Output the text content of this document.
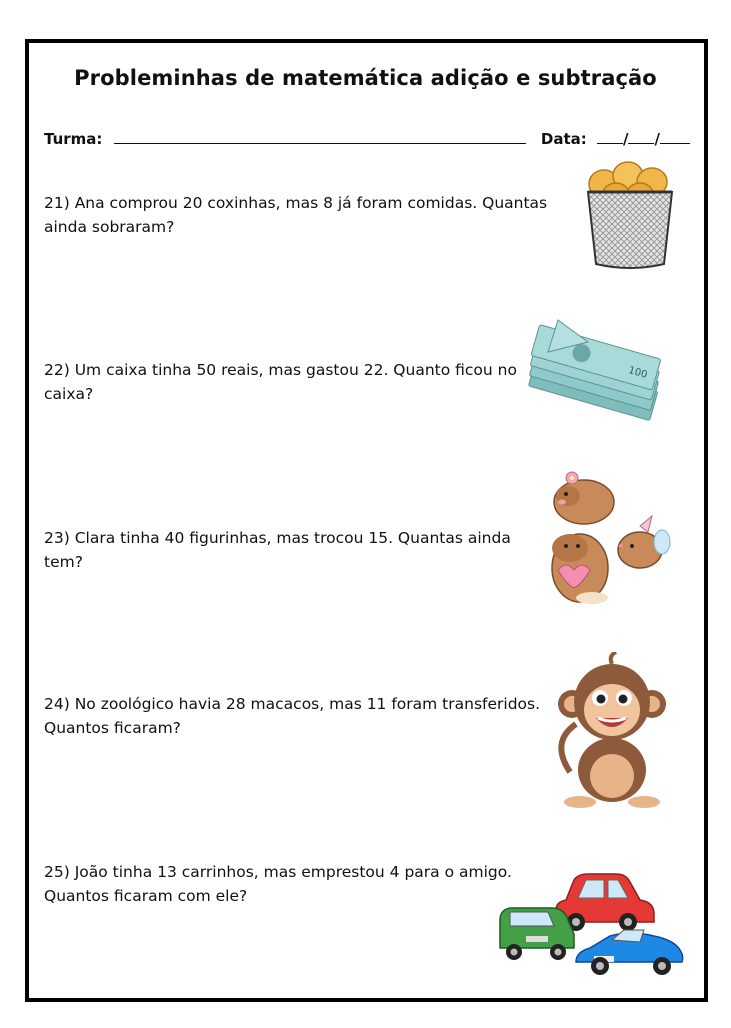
Probleminhas de matemática adição e subtração
Turma:	Data: / /
21) Ana comprou 20 coxinhas, mas 8 já foram comidas. Quantas
ainda sobraram?
22) Um caixa tinha 50 reais, mas gastou 22. Quanto ficou no
caixa?
100
23) Clara tinha 40 figurinhas, mas trocou 15. Quantas ainda
tem?
24) No zoológico havia 28 macacos, mas 11 foram transferidos.
Quantos ficaram?
25) João tinha 13 carrinhos, mas emprestou 4 para o amigo.
Quantos ficaram com ele?
